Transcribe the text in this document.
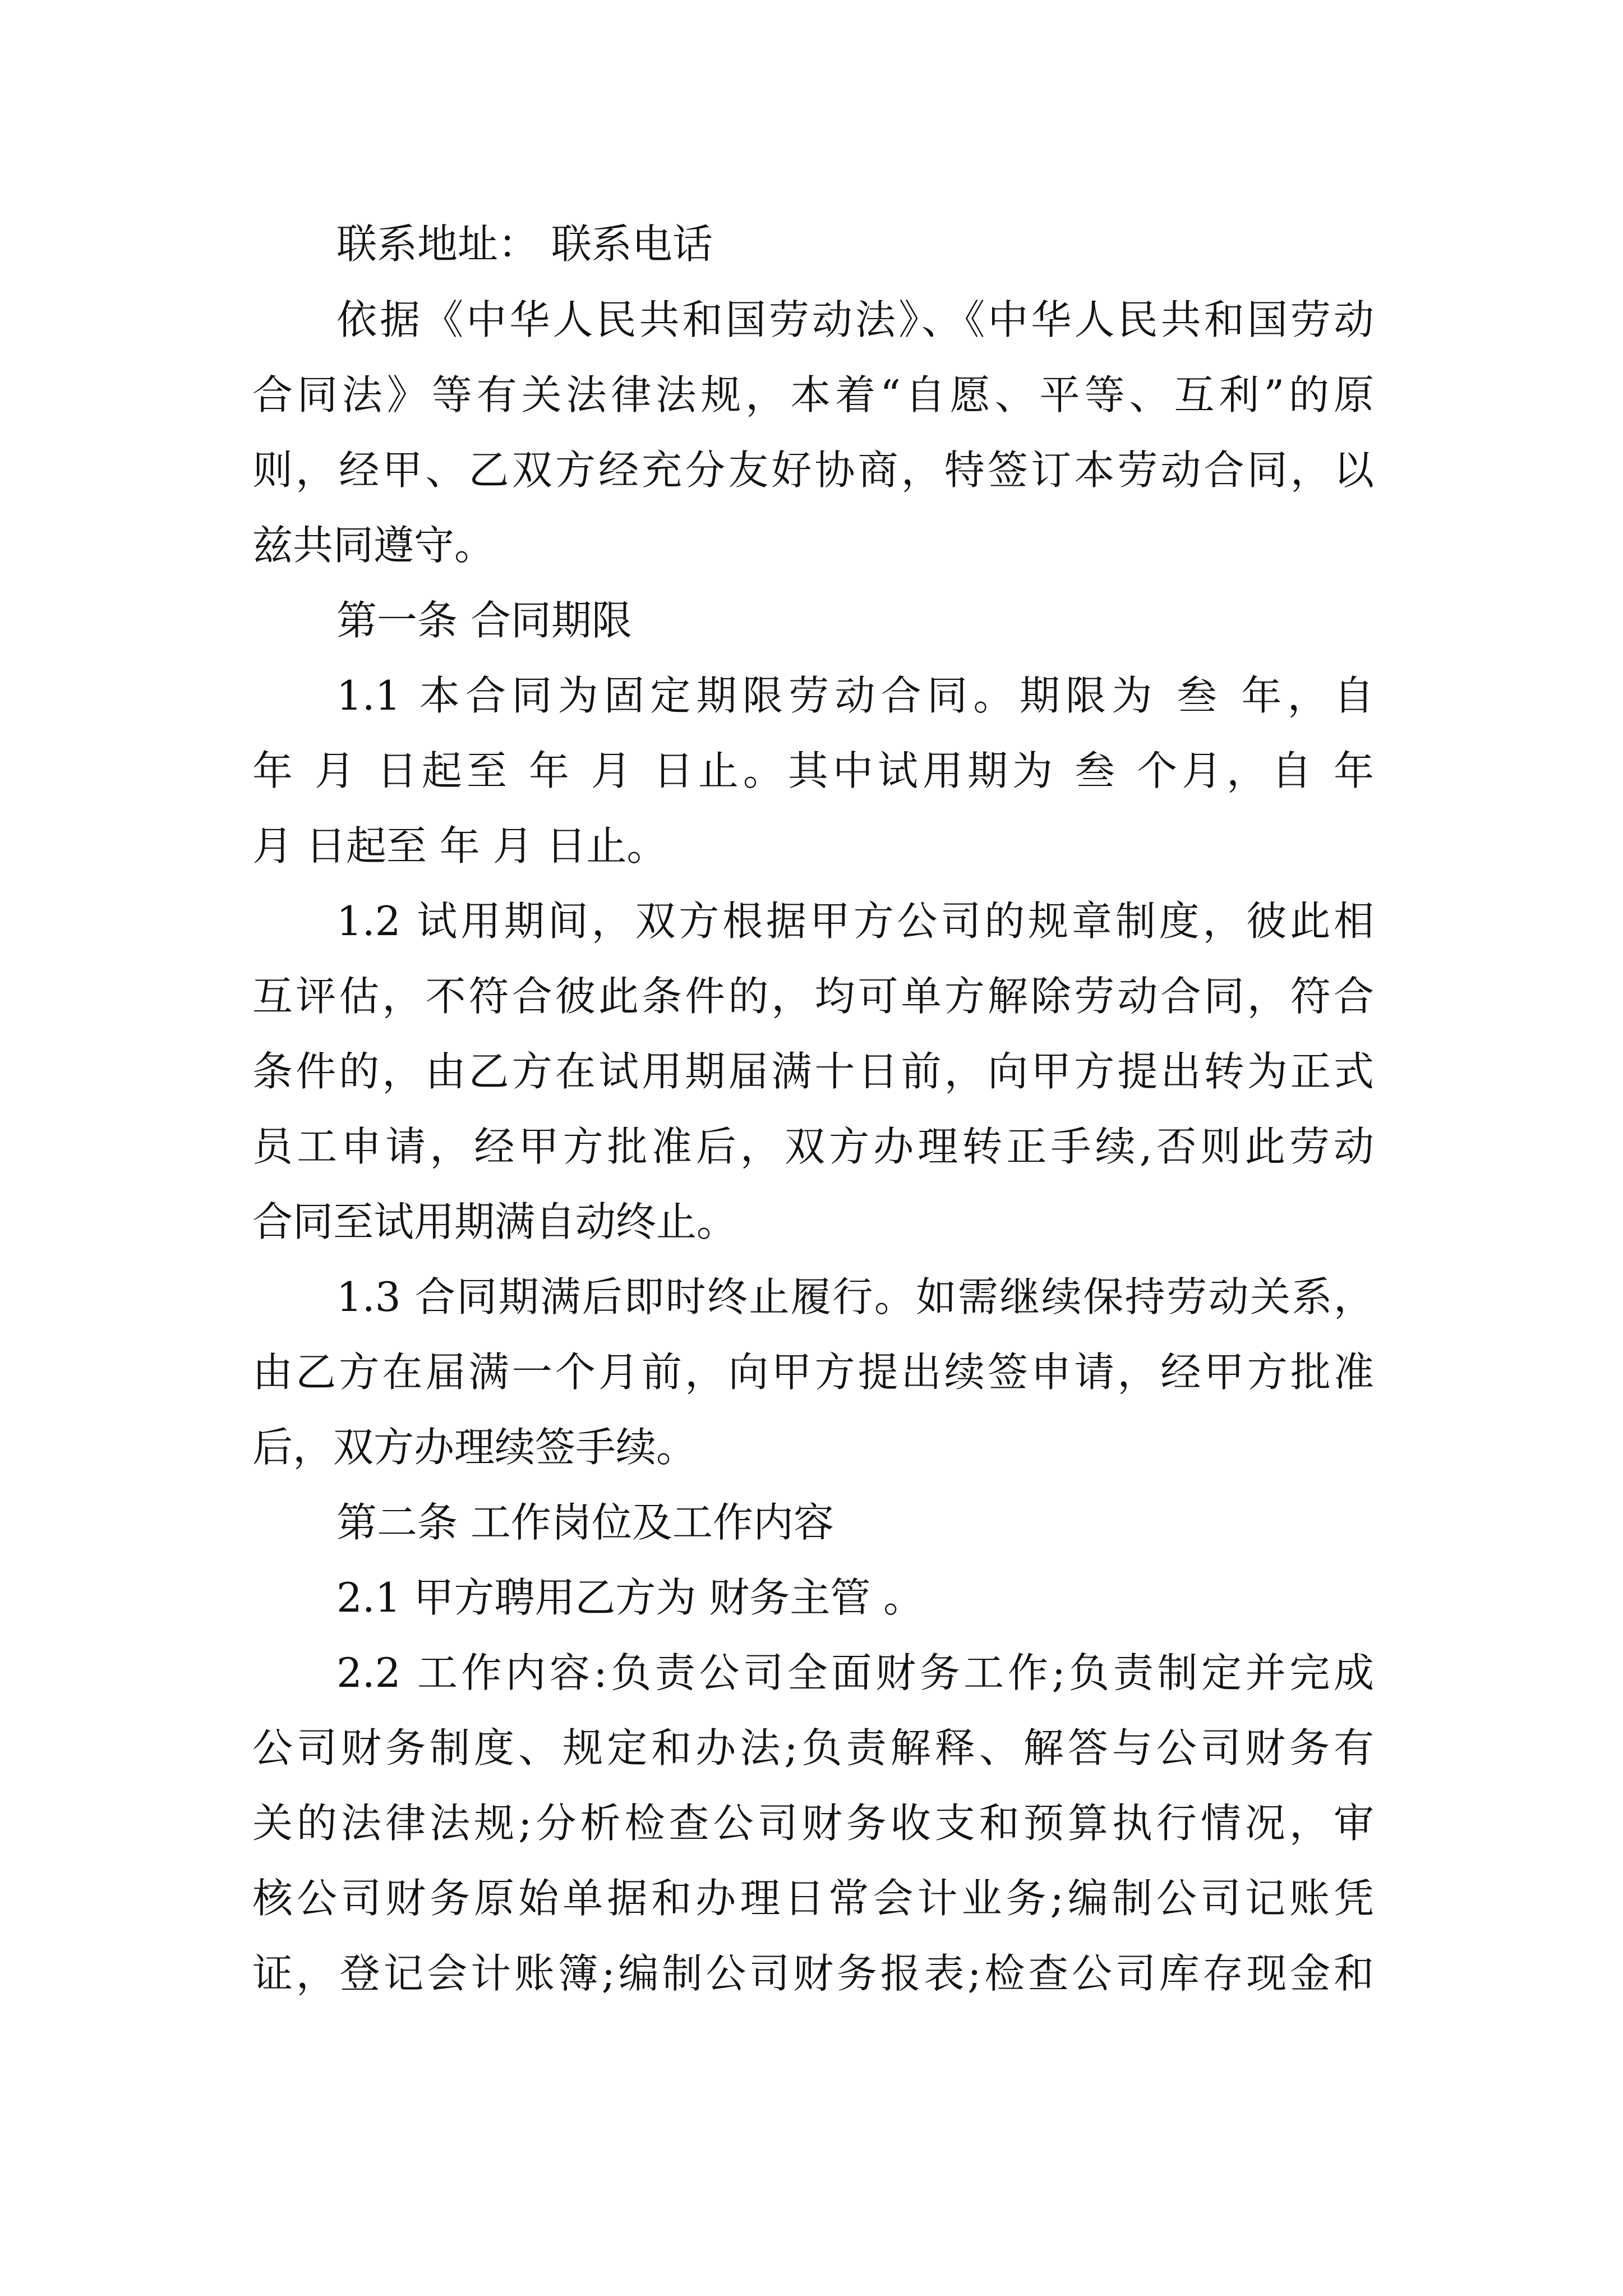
联系地址： 联系电话
依据《中华人民共和国劳动法》、《中华人民共和国劳动
合同法》等有关法律法规，本着“自愿、平等、互利”的原
则，经甲、乙双方经充分友好协商，特签订本劳动合同，以
兹共同遵守。
第一条 合同期限
1.1 本合同为固定期限劳动合同。期限为 叁 年，自
年 月 日起至 年 月 日止。其中试用期为 叁 个月，自 年
月 日起至 年 月 日止。
1.2 试用期间，双方根据甲方公司的规章制度，彼此相
互评估，不符合彼此条件的，均可单方解除劳动合同，符合
条件的，由乙方在试用期届满十日前，向甲方提出转为正式
员工申请，经甲方批准后，双方办理转正手续,否则此劳动
合同至试用期满自动终止。
1.3 合同期满后即时终止履行。如需继续保持劳动关系，
由乙方在届满一个月前，向甲方提出续签申请，经甲方批准
后，双方办理续签手续。
第二条 工作岗位及工作内容
2.1 甲方聘用乙方为 财务主管 。
2.2 工作内容:负责公司全面财务工作;负责制定并完成
公司财务制度、规定和办法;负责解释、解答与公司财务有
关的法律法规;分析检查公司财务收支和预算执行情况，审
核公司财务原始单据和办理日常会计业务;编制公司记账凭
证，登记会计账簿;编制公司财务报表;检查公司库存现金和
